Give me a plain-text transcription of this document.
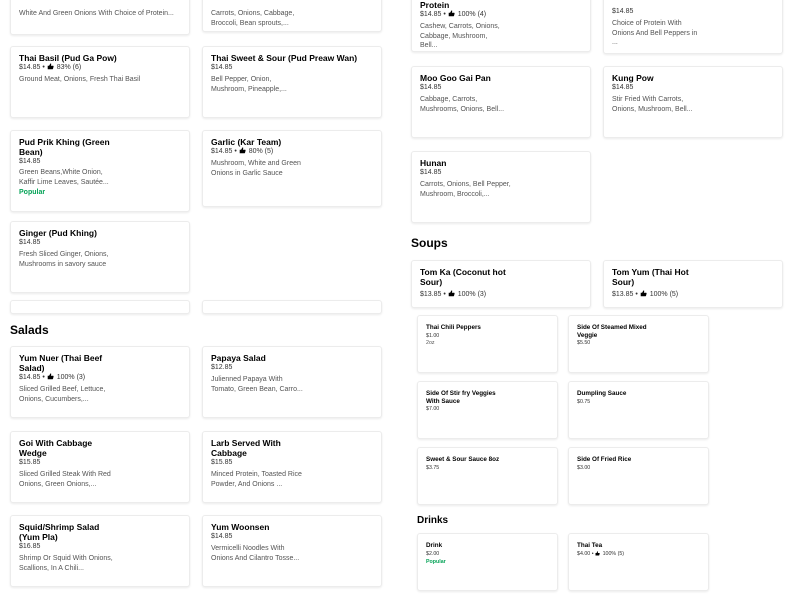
White And Green Onions With Choice of Protein...
Thai Basil (Pud Ga Pow)
$14.85 •  83% (6)
Ground Meat, Onions, Fresh Thai Basil
Pud Prik Khing (Green Bean)
$14.85
Green Beans,White Onion, Kaffir Lime Leaves, Sautée...
Popular
Ginger (Pud Khing)
$14.85
Fresh Sliced Ginger, Onions, Mushrooms in savory sauce
Carrots, Onions, Cabbage, Broccoli, Bean sprouts,...
Thai Sweet & Sour (Pud Preaw Wan)
$14.85
Bell Pepper, Onion, Mushroom, Pineapple,...
Garlic (Kar Team)
$14.85 •  80% (5)
Mushroom, White and Green Onions in Garlic Sauce
Protein
$14.85 •  100% (4)
Cashew, Carrots, Onions, Cabbage, Mushroom, Bell...
Moo Goo Gai Pan
$14.85
Cabbage, Carrots, Mushrooms, Onions, Bell...
Hunan
$14.85
Carrots, Onions, Bell Pepper, Mushroom, Broccoli,...
$14.85
Choice of Protein With Onions And Bell Peppers in ...
Kung Pow
$14.85
Stir Fried With Carrots, Onions, Mushroom, Bell...
Soups
Tom Ka (Coconut hot Sour)
$13.85 •  100% (3)
Tom Yum (Thai Hot Sour)
$13.85 •  100% (5)
Thai Chili Peppers
$1.00
2oz
Side Of Steamed Mixed Veggie
$5.50
Side Of Stir fry Veggies With Sauce
$7.00
Dumpling Sauce
$0.75
Sweet & Sour Sauce 8oz
$3.75
Side Of Fried Rice
$3.00
Drinks
Drink
$2.00
Popular
Thai Tea
$4.00 •  100% (5)
Salads
Yum Nuer (Thai Beef Salad)
$14.85 •  100% (3)
Sliced Grilled Beef, Lettuce, Onions, Cucumbers,...
Papaya Salad
$12.85
Julienned Papaya With Tomato, Green Bean, Carro...
Goi With Cabbage Wedge
$15.85
Sliced Grilled Steak With Red Onions, Green Onions,...
Larb Served With Cabbage
$15.85
Minced Protein, Toasted Rice Powder, And Onions ...
Squid/Shrimp Salad (Yum Pla)
$16.85
Shrimp Or Squid With Onions, Scallions, In A Chili...
Yum Woonsen
$14.85
Vermicelli Noodles With Onions And Cilantro Tosse...
